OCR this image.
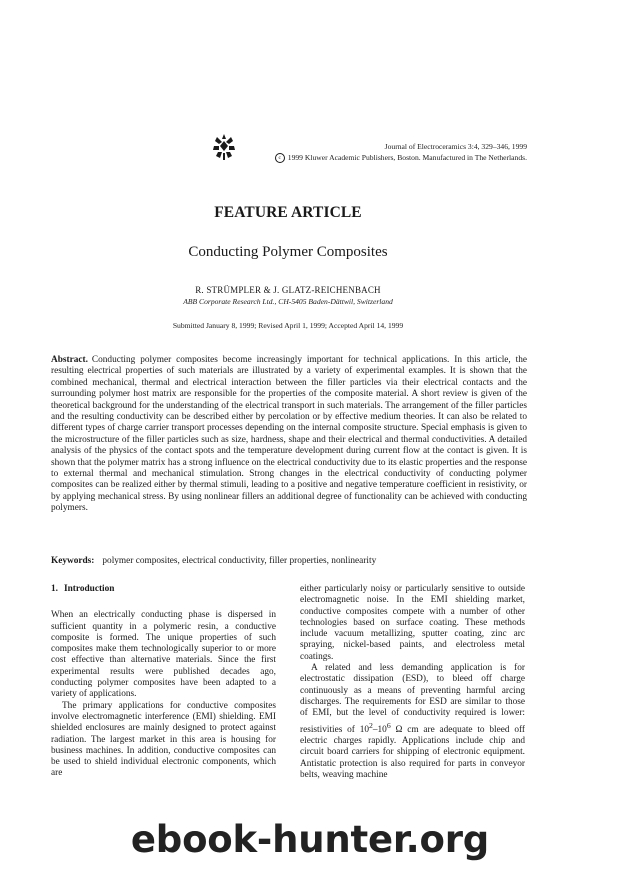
Journal of Electroceramics 3:4, 329–346, 1999
c 1999 Kluwer Academic Publishers, Boston. Manufactured in The Netherlands.
FEATURE ARTICLE
Conducting Polymer Composites
R. STRÜMPLER & J. GLATZ-REICHENBACH
ABB Corporate Research Ltd., CH-5405 Baden-Dättwil, Switzerland
Submitted January 8, 1999; Revised April 1, 1999; Accepted April 14, 1999

Abstract. Conducting polymer composites become increasingly important for technical applications. In this article, the resulting electrical properties of such materials are illustrated by a variety of experimental examples. It is shown that the combined mechanical, thermal and electrical interaction between the filler particles via their electrical contacts and the surrounding polymer host matrix are responsible for the properties of the composite material. A short review is given of the theoretical background for the understanding of the electrical transport in such materials. The arrangement of the filler particles and the resulting conductivity can be described either by percolation or by effective medium theories. It can also be related to different types of charge carrier transport processes depending on the internal composite structure. Special emphasis is given to the microstructure of the filler particles such as size, hardness, shape and their electrical and thermal conductivities. A detailed analysis of the physics of the contact spots and the temperature development during current flow at the contact is given. It is shown that the polymer matrix has a strong influence on the electrical conductivity due to its elastic properties and the response to external thermal and mechanical stimulation. Strong changes in the electrical conductivity of conducting polymer composites can be realized either by thermal stimuli, leading to a positive and negative temperature coefficient in resistivity, or by applying mechanical stress. By using nonlinear fillers an additional degree of functionality can be achieved with conducting polymers.

Keywords: polymer composites, electrical conductivity, filler properties, nonlinearity

1. Introduction

When an electrically conducting phase is dispersed in sufficient quantity in a polymeric resin, a conductive composite is formed. The unique properties of such composites make them technologically superior to or more cost effective than alternative materials. Since the first experimental results were published decades ago, conducting polymer composites have been adapted to a variety of applications.

The primary applications for conductive composites involve electromagnetic interference (EMI) shielding. EMI shielded enclosures are mainly designed to protect against radiation. The largest market in this area is housing for business machines. In addition, conductive composites can be used to shield individual electronic components, which are

either particularly noisy or particularly sensitive to outside electromagnetic noise. In the EMI shielding market, conductive composites compete with a number of other technologies based on surface coating. These methods include vacuum metallizing, sputter coating, zinc arc spraying, nickel-based paints, and electroless metal coatings.

A related and less demanding application is for electrostatic dissipation (ESD), to bleed off charge continuously as a means of preventing harmful arcing discharges. The requirements for ESD are similar to those of EMI, but the level of conductivity required is lower: resistivities of $10^2-10^6$ Ω cm are adequate to bleed off electric charges rapidly. Applications include chip and circuit board carriers for shipping of electronic equipment. Antistatic protection is also required for parts in conveyor belts, weaving machine

ebook-hunter.org
